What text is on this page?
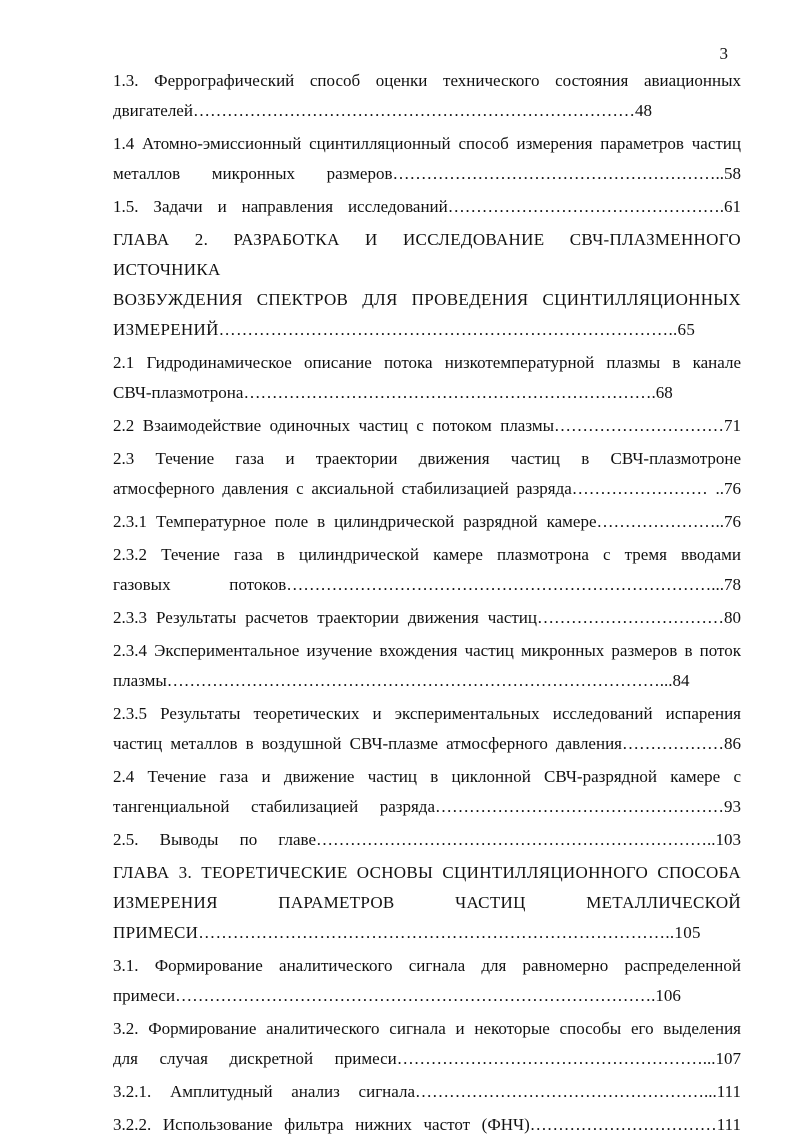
3
1.3. Феррографический способ оценки технического состояния авиационных
двигателей……………………………………………………………………48
1.4 Атомно-эмиссионный сцинтилляционный способ измерения параметров частиц
металлов микронных размеров…………………………………………………..58
1.5. Задачи и направления исследований………………………………………….61
ГЛАВА 2. РАЗРАБОТКА И ИССЛЕДОВАНИЕ СВЧ-ПЛАЗМЕННОГО ИСТОЧНИКА
ВОЗБУЖДЕНИЯ СПЕКТРОВ ДЛЯ ПРОВЕДЕНИЯ СЦИНТИЛЛЯЦИОННЫХ
ИЗМЕРЕНИЙ……………………………………………………………………..65
2.1 Гидродинамическое описание потока низкотемпературной плазмы в канале
СВЧ-плазмотрона……………………………………………………………….68
2.2 Взаимодействие одиночных частиц с потоком плазмы…………………………71
2.3 Течение газа и траектории движения частиц в СВЧ-плазмотроне
атмосферного давления с аксиальной стабилизацией разряда…………………… ..76
2.3.1 Температурное поле в цилиндрической разрядной камере…………………..76
2.3.2 Течение газа в цилиндрической камере плазмотрона с тремя вводами
газовых потоков…………………………………………………………………...78
2.3.3 Результаты расчетов траектории движения частиц……………………………80
2.3.4 Экспериментальное изучение вхождения частиц микронных размеров в поток
плазмы……………………………………………………………………………...84
2.3.5 Результаты теоретических и экспериментальных исследований испарения
частиц металлов в воздушной СВЧ-плазме атмосферного давления………………86
2.4 Течение газа и движение частиц в циклонной СВЧ-разрядной камере с
тангенциальной стабилизацией разряда……………………………………………93
2.5. Выводы по главе……………………………………………………………..103
ГЛАВА 3. ТЕОРЕТИЧЕСКИЕ ОСНОВЫ СЦИНТИЛЛЯЦИОННОГО СПОСОБА
ИЗМЕРЕНИЯ ПАРАМЕТРОВ ЧАСТИЦ МЕТАЛЛИЧЕСКОЙ
ПРИМЕСИ………………………………………………………………………..105
3.1. Формирование аналитического сигнала для равномерно распределенной
примеси………………………………………………………………………….106
3.2. Формирование аналитического сигнала и некоторые способы его выделения
для случая дискретной примеси………………………………………………...107
3.2.1. Амплитудный анализ сигнала……………………………………………...111
3.2.2. Использование фильтра нижних частот (ФНЧ)……………………………111
